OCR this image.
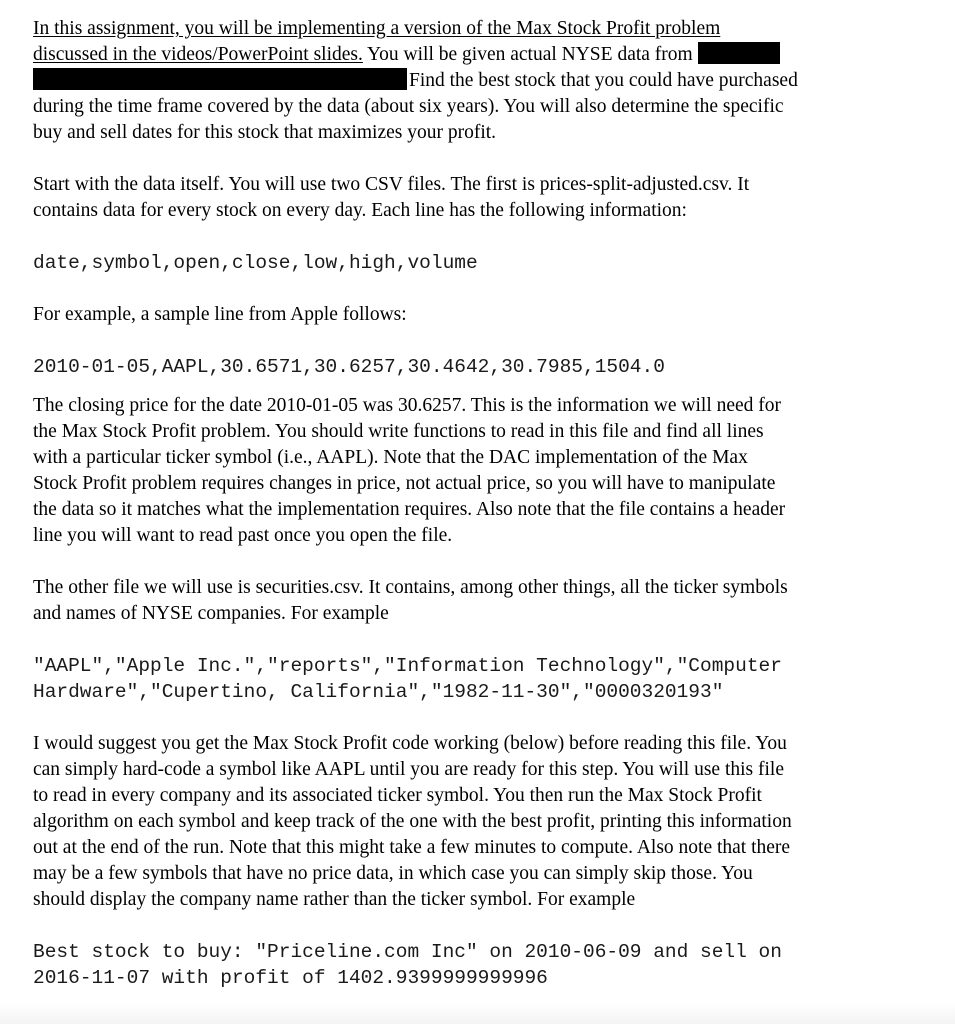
In this assignment, you will be implementing a version of the Max Stock Profit problem

discussed in the videos/PowerPoint slides. You will be given actual NYSE data from

Find the best stock that you could have purchased

during the time frame covered by the data (about six years). You will also determine the specific

buy and sell dates for this stock that maximizes your profit.

Start with the data itself. You will use two CSV files. The first is prices-split-adjusted.csv. It

contains data for every stock on every day. Each line has the following information:

date,symbol,open,close,low,high,volume

For example, a sample line from Apple follows:

2010-01-05,AAPL,30.6571,30.6257,30.4642,30.7985,1504.0

The closing price for the date 2010-01-05 was 30.6257. This is the information we will need for

the Max Stock Profit problem. You should write functions to read in this file and find all lines

with a particular ticker symbol (i.e., AAPL). Note that the DAC implementation of the Max

Stock Profit problem requires changes in price, not actual price, so you will have to manipulate

the data so it matches what the implementation requires. Also note that the file contains a header

line you will want to read past once you open the file.

The other file we will use is securities.csv. It contains, among other things, all the ticker symbols

and names of NYSE companies. For example

"AAPL","Apple Inc.","reports","Information Technology","Computer
Hardware","Cupertino, California","1982-11-30","0000320193"

I would suggest you get the Max Stock Profit code working (below) before reading this file. You

can simply hard-code a symbol like AAPL until you are ready for this step. You will use this file

to read in every company and its associated ticker symbol. You then run the Max Stock Profit

algorithm on each symbol and keep track of the one with the best profit, printing this information

out at the end of the run. Note that this might take a few minutes to compute. Also note that there

may be a few symbols that have no price data, in which case you can simply skip those. You

should display the company name rather than the ticker symbol. For example

Best stock to buy: "Priceline.com Inc" on 2010-06-09 and sell on
2016-11-07 with profit of 1402.9399999999996
